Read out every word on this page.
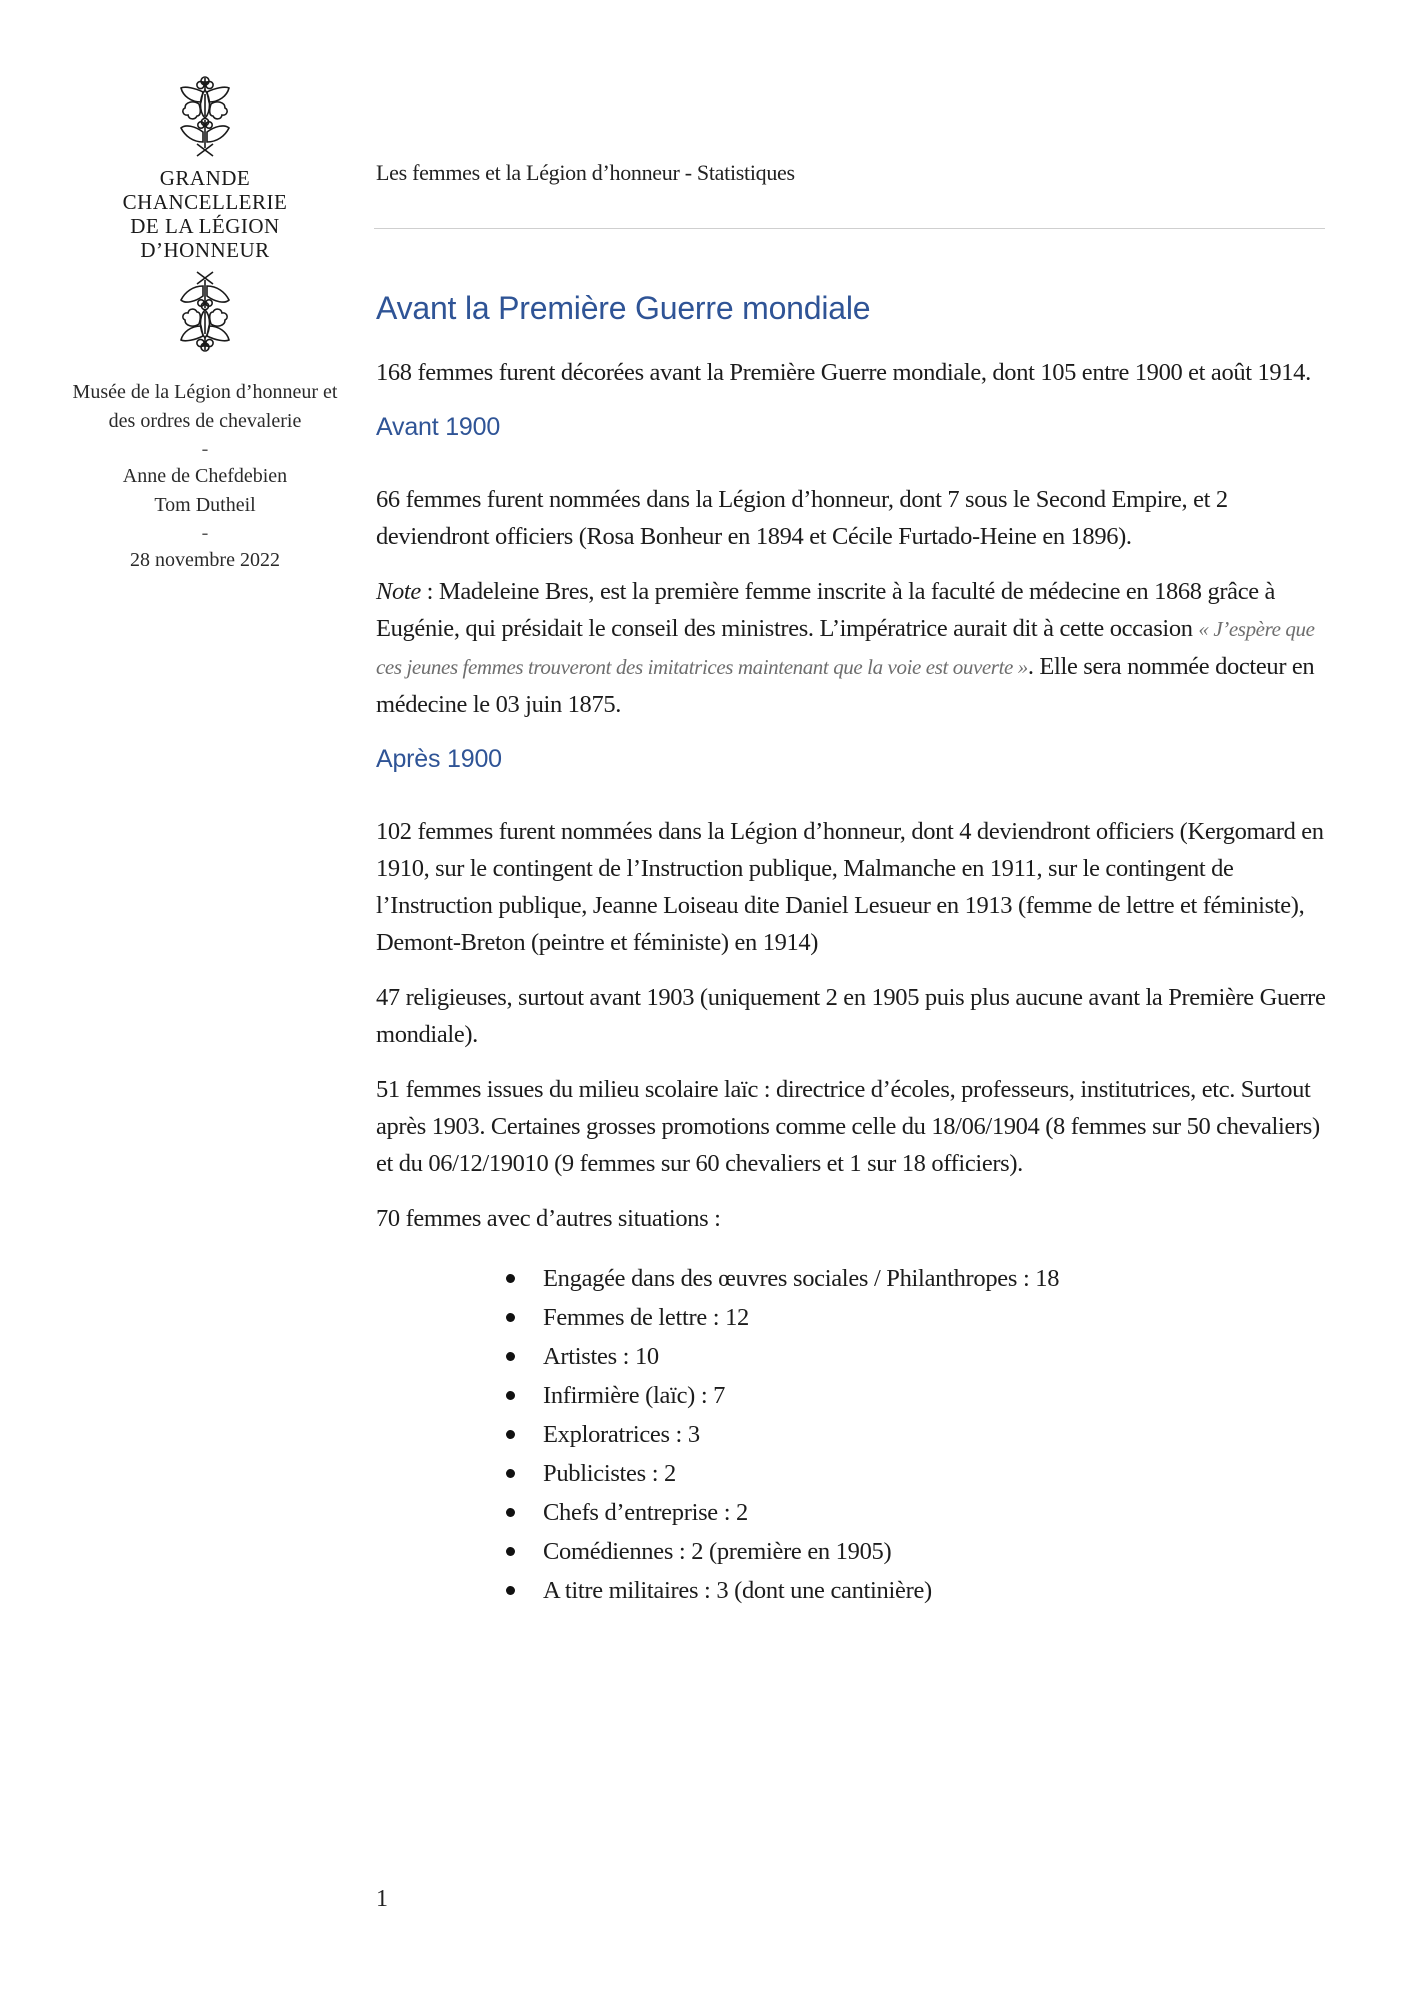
GRANDE
CHANCELLERIE
DE LA LÉGION
D’HONNEUR
Musée de la Légion d’honneur et des ordres de chevalerie
-
Anne de Chefdebien
Tom Dutheil
-
28 novembre 2022
Les femmes et la Légion d’honneur - Statistiques
Avant la Première Guerre mondiale

168 femmes furent décorées avant la Première Guerre mondiale, dont 105 entre 1900 et août 1914.

Avant 1900

66 femmes furent nommées dans la Légion d’honneur, dont 7 sous le Second Empire, et 2 deviendront officiers (Rosa Bonheur en 1894 et Cécile Furtado-Heine en 1896).

Note : Madeleine Bres, est la première femme inscrite à la faculté de médecine en 1868 grâce à Eugénie, qui présidait le conseil des ministres. L’impératrice aurait dit à cette occasion « J’espère que ces jeunes femmes trouveront des imitatrices maintenant que la voie est ouverte ». Elle sera nommée docteur en médecine le 03 juin 1875.

Après 1900

102 femmes furent nommées dans la Légion d’honneur, dont 4 deviendront officiers (Kergomard en 1910, sur le contingent de l’Instruction publique, Malmanche en 1911, sur le contingent de l’Instruction publique, Jeanne Loiseau dite Daniel Lesueur en 1913 (femme de lettre et féministe), Demont-Breton (peintre et féministe) en 1914)

47 religieuses, surtout avant 1903 (uniquement 2 en 1905 puis plus aucune avant la Première Guerre mondiale).

51 femmes issues du milieu scolaire laïc : directrice d’écoles, professeurs, institutrices, etc. Surtout après 1903. Certaines grosses promotions comme celle du 18/06/1904 (8 femmes sur 50 chevaliers) et du 06/12/19010 (9 femmes sur 60 chevaliers et 1 sur 18 officiers).

70 femmes avec d’autres situations :

Engagée dans des œuvres sociales / Philanthropes : 18
Femmes de lettre : 12
Artistes : 10
Infirmière (laïc) : 7
Exploratrices : 3
Publicistes : 2
Chefs d’entreprise : 2
Comédiennes : 2 (première en 1905)
A titre militaires : 3 (dont une cantinière)
1
